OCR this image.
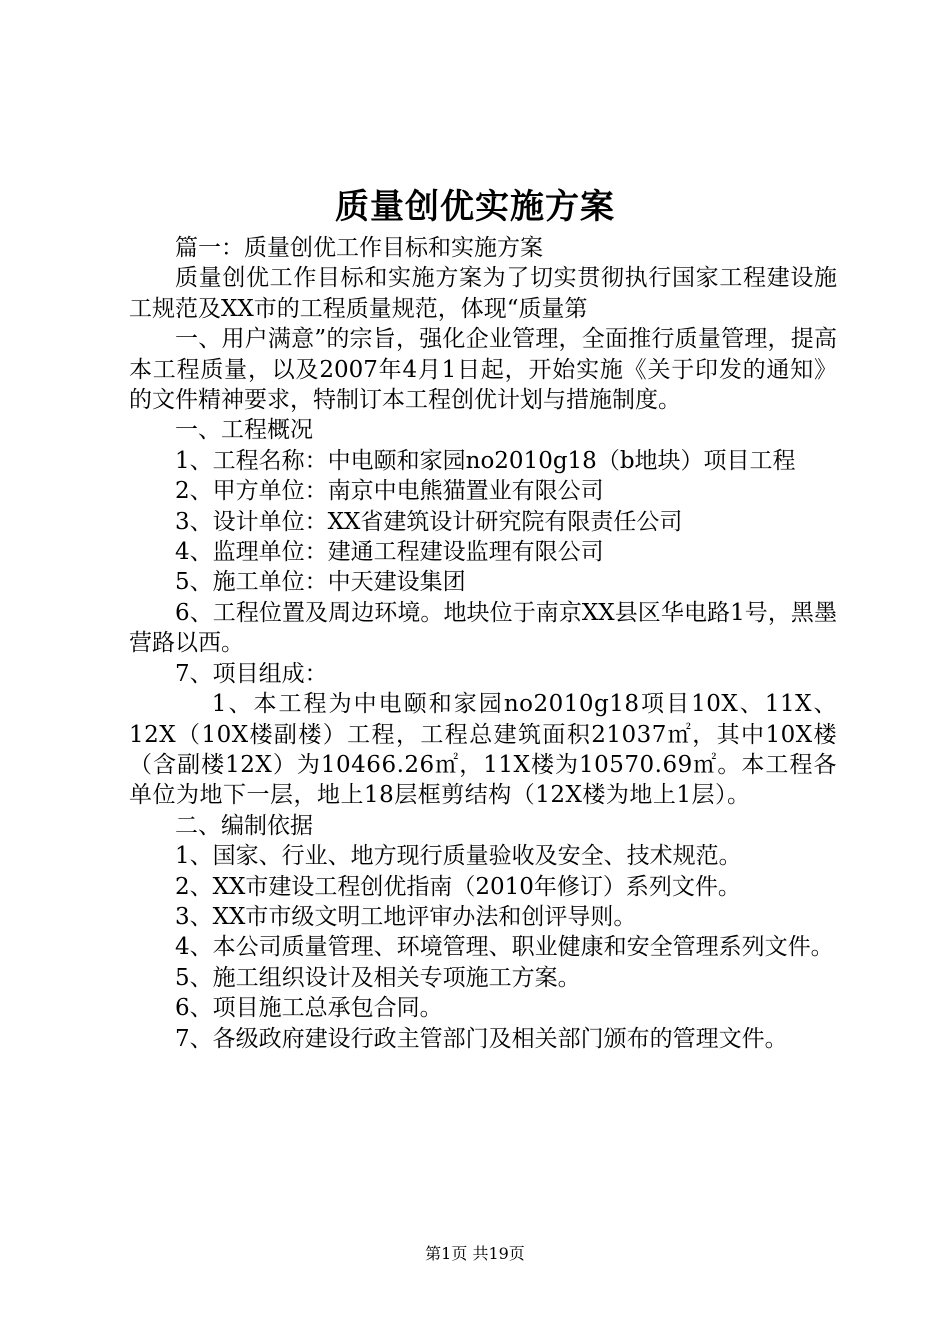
质量创优实施方案

篇一：质量创优工作目标和实施方案

质量创优工作目标和实施方案为了切实贯彻执行国家工程建设施工规范及XX市的工程质量规范，体现“质量第

一、用户满意”的宗旨，强化企业管理，全面推行质量管理，提高本工程质量，以及2007年4月1日起，开始实施《关于印发的通知》的文件精神要求，特制订本工程创优计划与措施制度。

一、工程概况

1、工程名称：中电颐和家园no2010g18（b地块）项目工程

2、甲方单位：南京中电熊猫置业有限公司

3、设计单位：XX省建筑设计研究院有限责任公司

4、监理单位：建通工程建设监理有限公司

5、施工单位：中天建设集团

6、工程位置及周边环境。地块位于南京XX县区华电路1号，黑墨营路以西。

7、项目组成：

1、本工程为中电颐和家园no2010g18项目10X、11X、12X（10X楼副楼）工程，工程总建筑面积21037㎡，其中10X楼（含副楼12X）为10466.26㎡，11X楼为10570.69㎡。本工程各单位为地下一层，地上18层框剪结构（12X楼为地上1层）。

二、编制依据

1、国家、行业、地方现行质量验收及安全、技术规范。

2、XX市建设工程创优指南（2010年修订）系列文件。

3、XX市市级文明工地评审办法和创评导则。

4、本公司质量管理、环境管理、职业健康和安全管理系列文件。

5、施工组织设计及相关专项施工方案。

6、项目施工总承包合同。

7、各级政府建设行政主管部门及相关部门颁布的管理文件。

第1页 共19页
